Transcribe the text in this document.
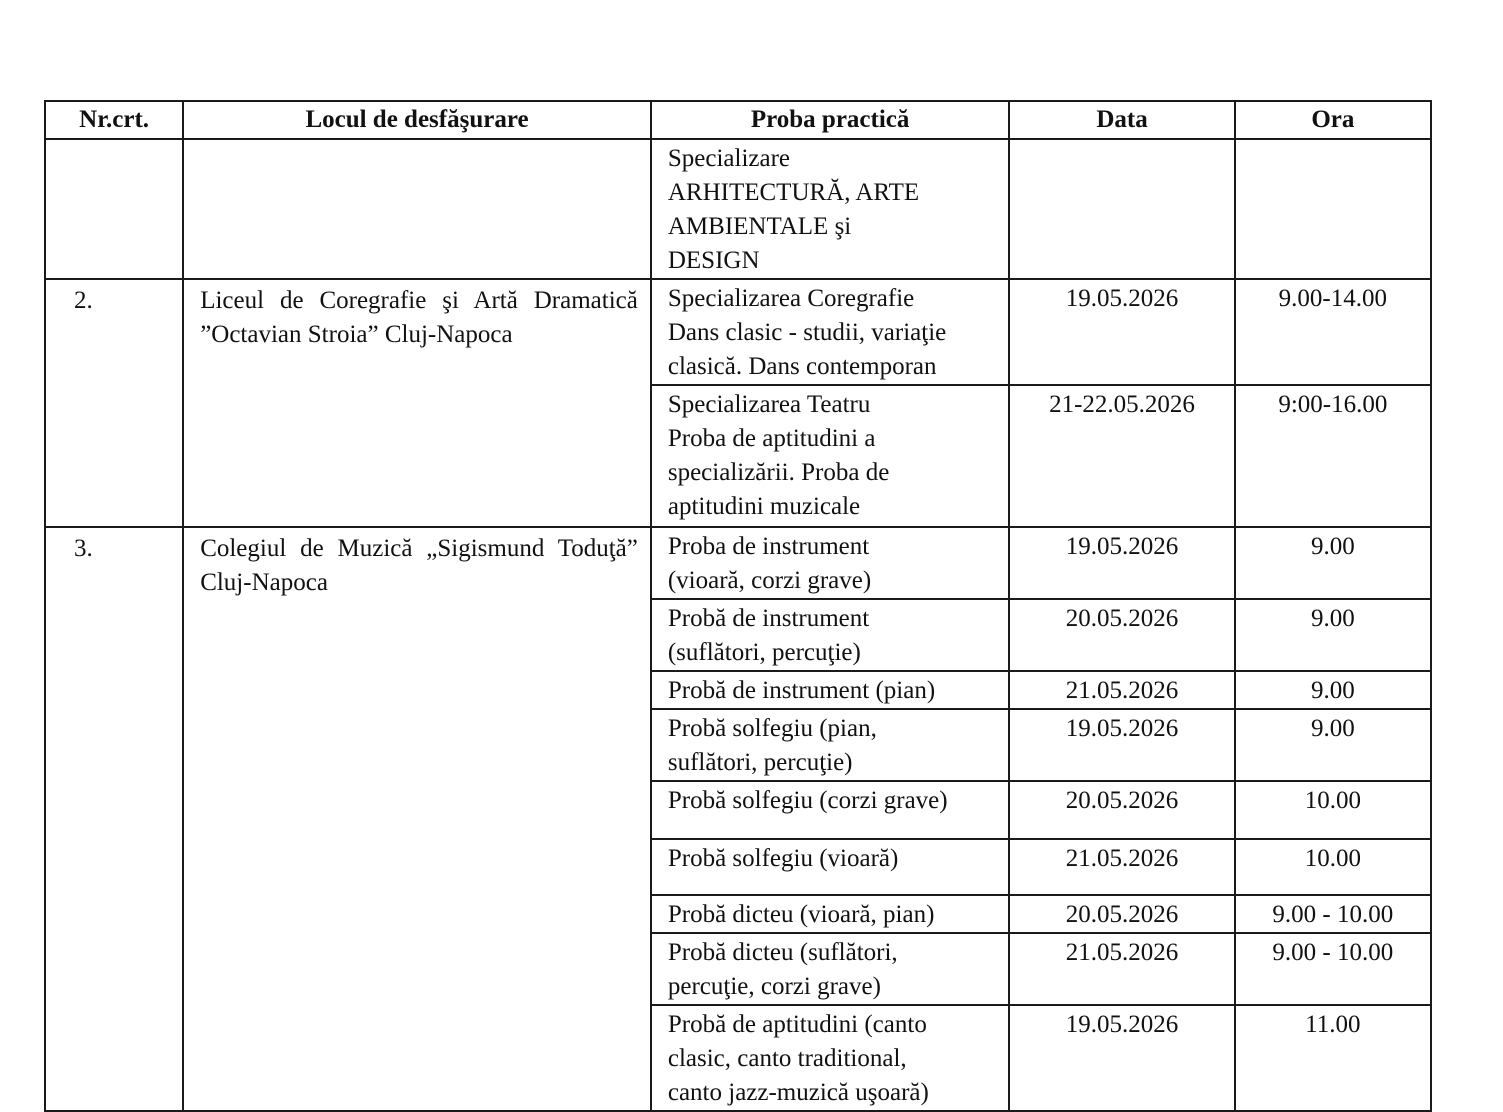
Nr.crt.	Locul de desfăşurare	Proba practică	Data	Ora

		Specializare
ARHITECTURĂ, ARTE
AMBIENTALE şi
DESIGN		

2.	Liceul de Coregrafie şi Artă Dramatică ”Octavian Stroia” Cluj-Napoca	Specializarea Coregrafie
Dans clasic - studii, variaţie
clasică. Dans contemporan	19.05.2026	9.00-14.00

		Specializarea Teatru
Proba de aptitudini a
specializării. Proba de
aptitudini muzicale	21-22.05.2026	9:00-16.00
3.	Colegiul de Muzică „Sigismund Toduţă” Cluj-Napoca	Proba de instrument
(vioară, corzi grave)	19.05.2026	9.00

		Probă de instrument
(suflători, percuţie)	20.05.2026	9.00

		Probă de instrument (pian)	21.05.2026	9.00

		Probă solfegiu (pian,
suflători, percuţie)	19.05.2026	9.00

		Probă solfegiu (corzi grave)	20.05.2026	10.00

		Probă solfegiu (vioară)	21.05.2026	10.00

		Probă dicteu (vioară, pian)	20.05.2026	9.00 - 10.00

		Probă dicteu (suflători,
percuţie, corzi grave)	21.05.2026	9.00 - 10.00

		Probă de aptitudini (canto
clasic, canto traditional,
canto jazz-muzică uşoară)	19.05.2026	11.00
